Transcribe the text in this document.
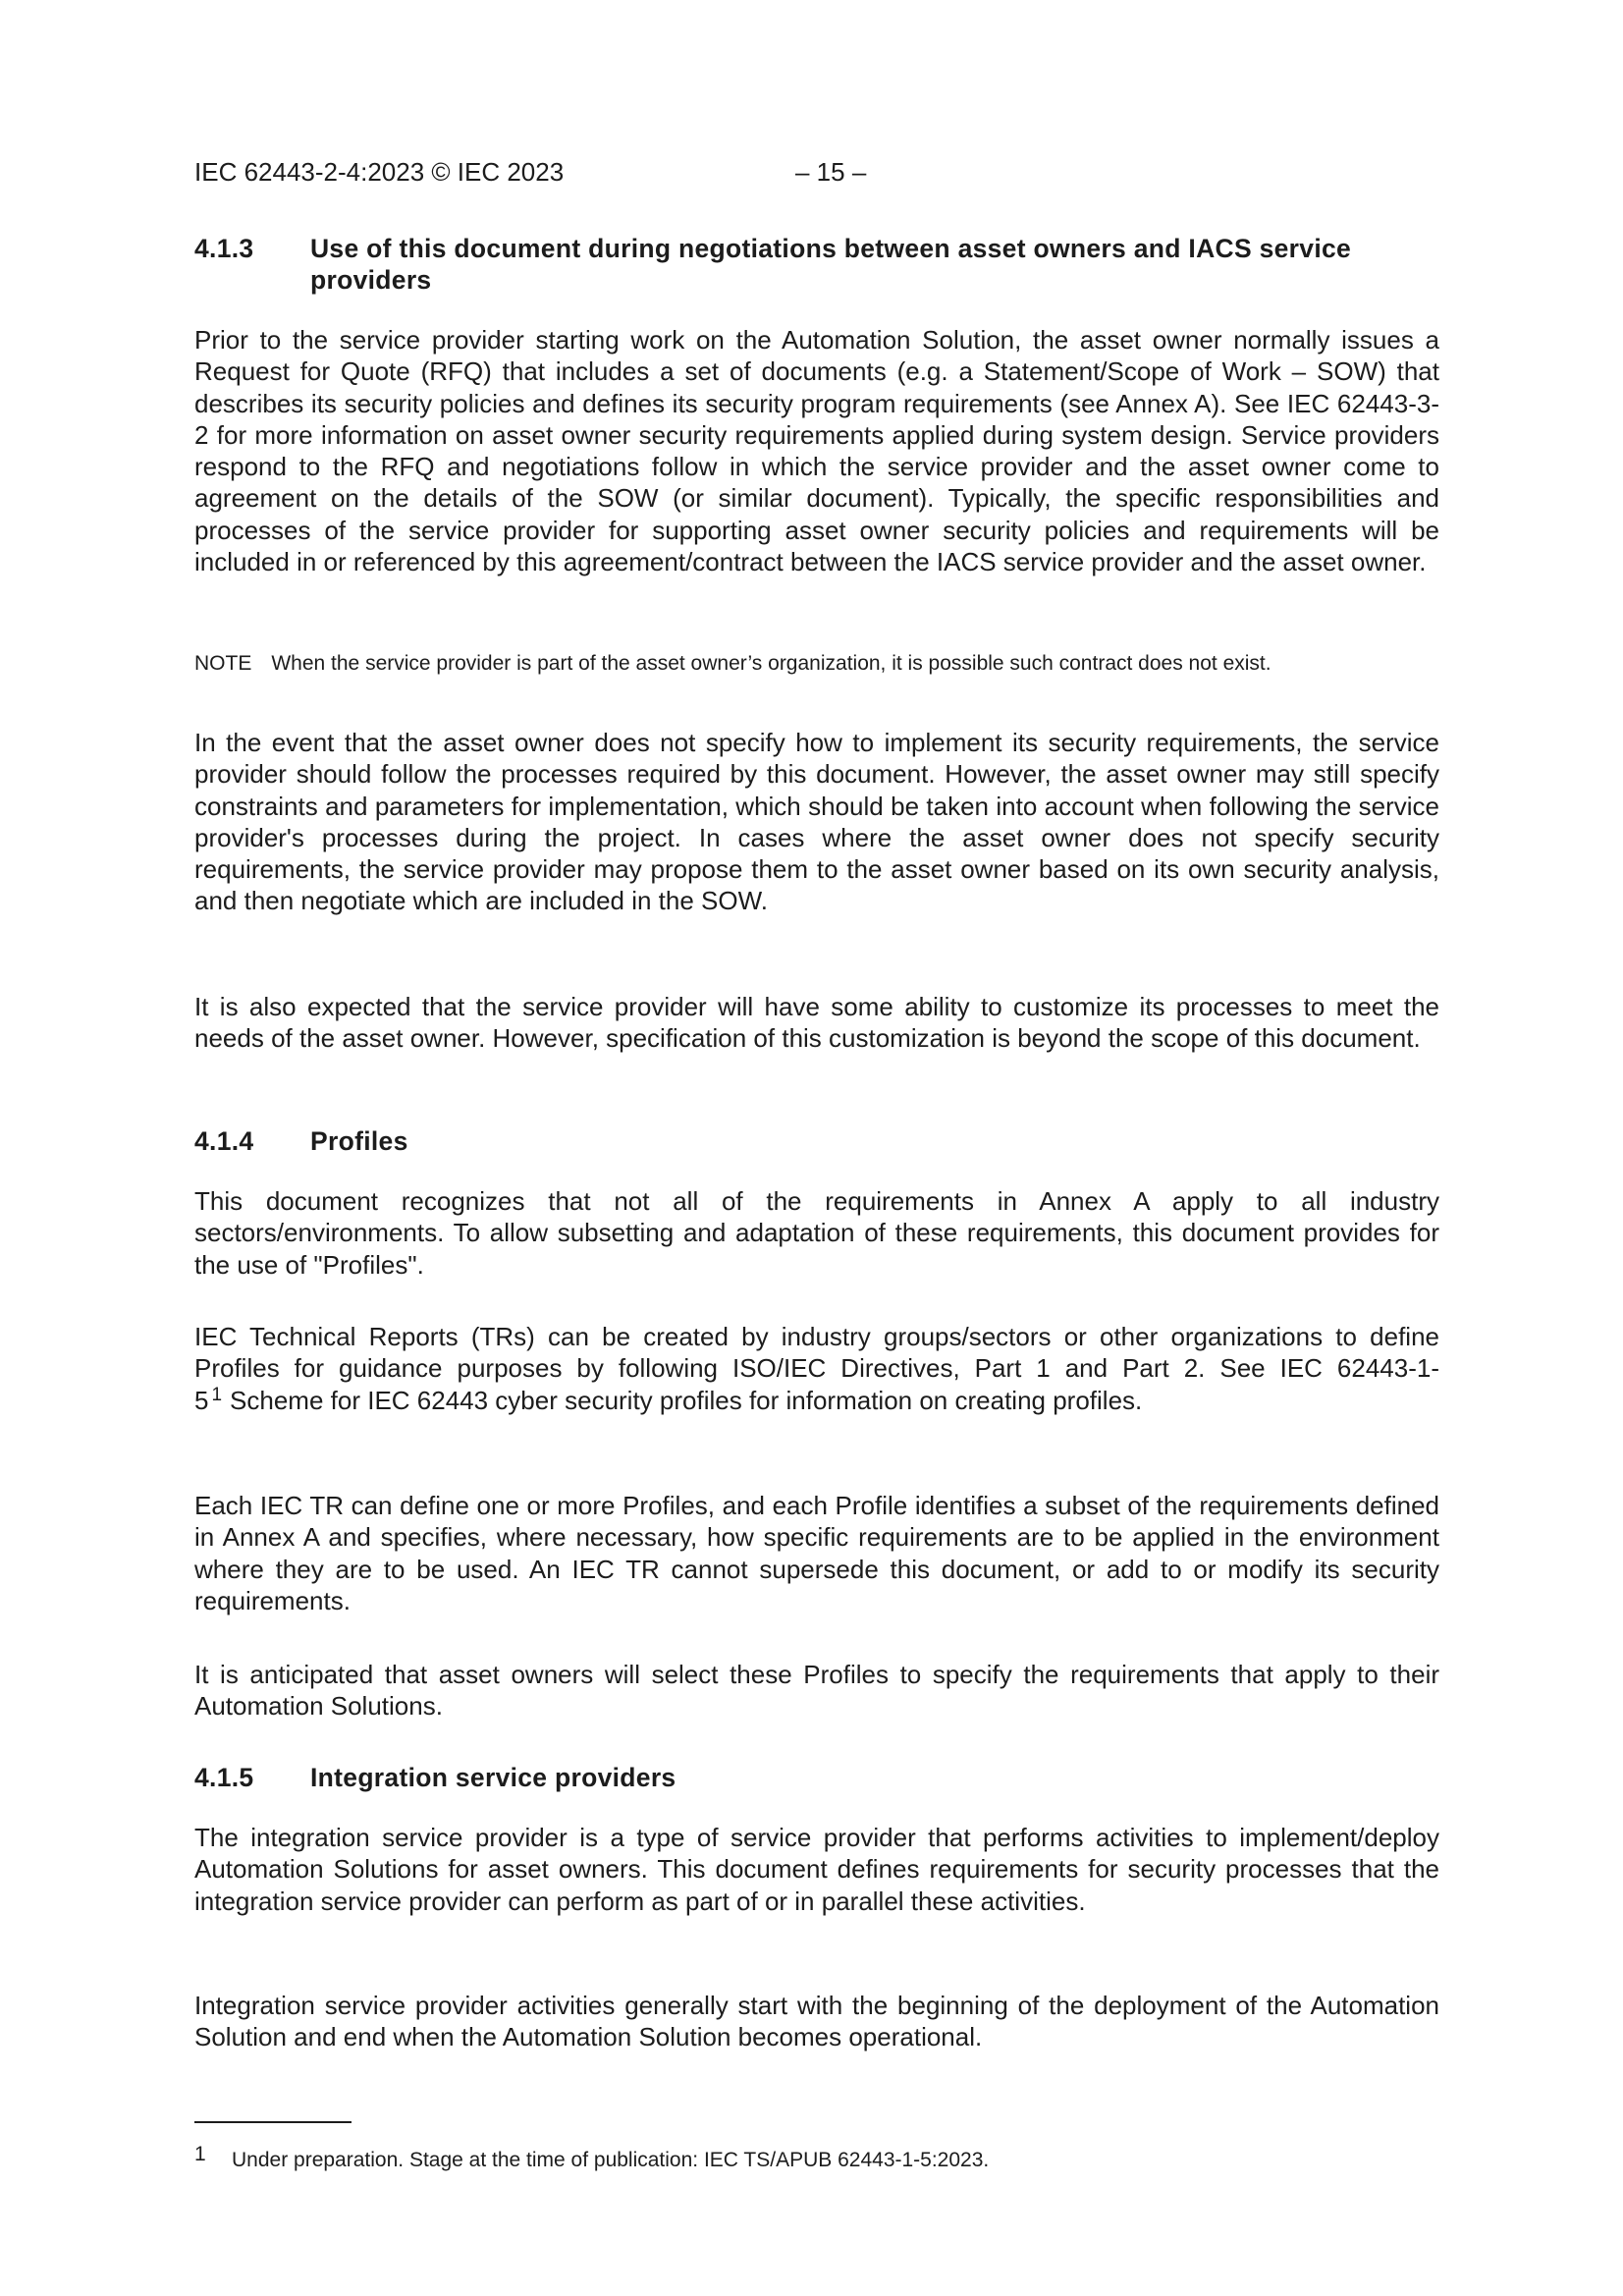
IEC 62443-2-4:2023 © IEC 2023	– 15 –
4.1.3 Use of this document during negotiations between asset owners and IACS service providers

Prior to the service provider starting work on the Automation Solution, the asset owner normally issues a Request for Quote (RFQ) that includes a set of documents (e.g. a Statement/Scope of Work – SOW) that describes its security policies and defines its security program requirements (see Annex A). See IEC 62443-3-2 for more information on asset owner security requirements applied during system design. Service providers respond to the RFQ and negotiations follow in which the service provider and the asset owner come to agreement on the details of the SOW (or similar document). Typically, the specific responsibilities and processes of the service provider for supporting asset owner security policies and requirements will be included in or referenced by this agreement/contract between the IACS service provider and the asset owner.

NOTE When the service provider is part of the asset owner’s organization, it is possible such contract does not exist.

In the event that the asset owner does not specify how to implement its security requirements, the service provider should follow the processes required by this document. However, the asset owner may still specify constraints and parameters for implementation, which should be taken into account when following the service provider's processes during the project. In cases where the asset owner does not specify security requirements, the service provider may propose them to the asset owner based on its own security analysis, and then negotiate which are included in the SOW.

It is also expected that the service provider will have some ability to customize its processes to meet the needs of the asset owner. However, specification of this customization is beyond the scope of this document.

4.1.4 Profiles

This document recognizes that not all of the requirements in Annex A apply to all industry sectors/environments. To allow subsetting and adaptation of these requirements, this document provides for the use of "Profiles".

IEC Technical Reports (TRs) can be created by industry groups/sectors or other organizations to define Profiles for guidance purposes by following ISO/IEC Directives, Part 1 and Part 2. See IEC 62443-1-5 $^1$ Scheme for IEC 62443 cyber security profiles for information on creating profiles.

Each IEC TR can define one or more Profiles, and each Profile identifies a subset of the requirements defined in Annex A and specifies, where necessary, how specific requirements are to be applied in the environment where they are to be used. An IEC TR cannot supersede this document, or add to or modify its security requirements.

It is anticipated that asset owners will select these Profiles to specify the requirements that apply to their Automation Solutions.

4.1.5 Integration service providers

The integration service provider is a type of service provider that performs activities to implement/deploy Automation Solutions for asset owners. This document defines requirements for security processes that the integration service provider can perform as part of or in parallel these activities.

Integration service provider activities generally start with the beginning of the deployment of the Automation Solution and end when the Automation Solution becomes operational.

1 Under preparation. Stage at the time of publication: IEC TS/APUB 62443-1-5:2023.
